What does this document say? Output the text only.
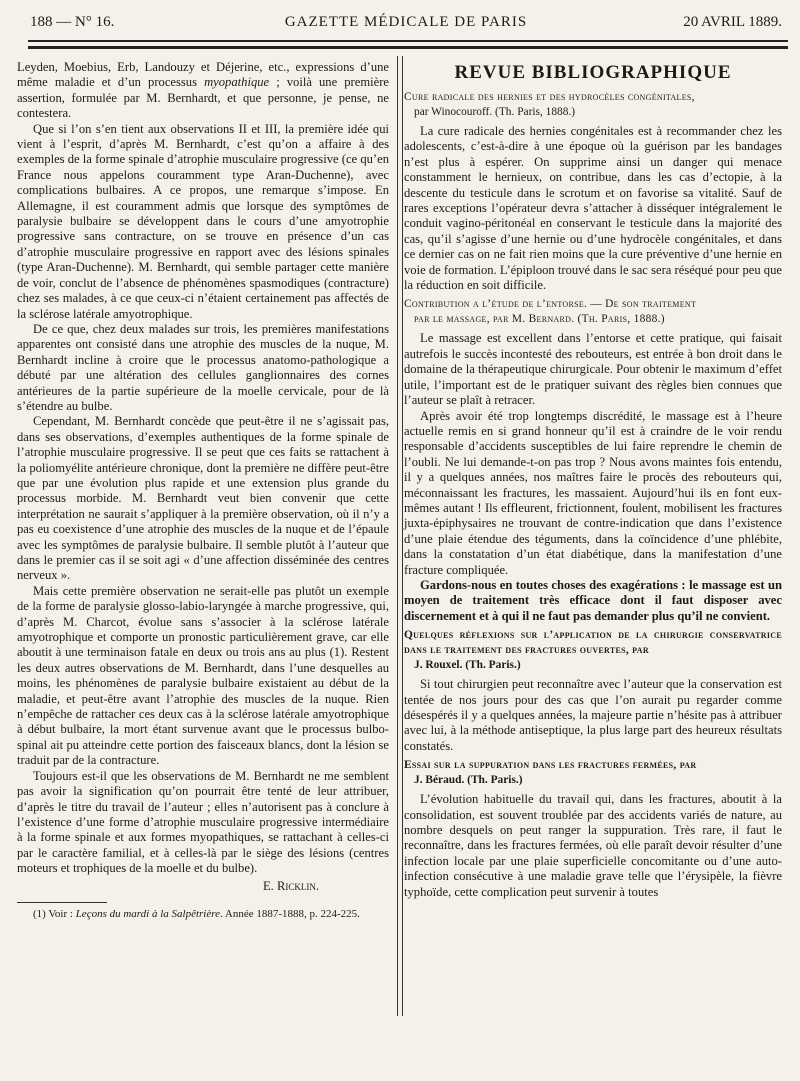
188 — N° 16.	GAZETTE MÉDICALE DE PARIS	20 AVRIL 1889.

Leyden, Moebius, Erb, Landouzy et Déjerine, etc., expressions d’une même maladie et d’un processus myopathique ; voilà une première assertion, formulée par M. Bernhardt, et que personne, je pense, ne contestera.

Que si l’on s’en tient aux observations II et III, la première idée qui vient à l’esprit, d’après M. Bernhardt, c’est qu’on a affaire à des exemples de la forme spinale d’atrophie musculaire progressive (ce qu’en France nous appelons couramment type Aran-Duchenne), avec complications bulbaires. A ce propos, une remarque s’impose. En Allemagne, il est couramment admis que lorsque des symptômes de paralysie bulbaire se développent dans le cours d’une amyotrophie progressive sans contracture, on se trouve en présence d’un cas d’atrophie musculaire progressive en rapport avec des lésions spinales (type Aran-Duchenne). M. Bernhardt, qui semble partager cette manière de voir, conclut de l’absence de phénomènes spasmodiques (contracture) chez ses malades, à ce que ceux-ci n’étaient certainement pas affectés de la sclérose latérale amyotrophique.

De ce que, chez deux malades sur trois, les premières manifestations apparentes ont consisté dans une atrophie des muscles de la nuque, M. Bernhardt incline à croire que le processus anatomo-pathologique a débuté par une altération des cellules ganglionnaires des cornes antérieures de la partie supérieure de la moelle cervicale, pour de là s’étendre au bulbe.

Cependant, M. Bernhardt concède que peut-être il ne s’agissait pas, dans ses observations, d’exemples authentiques de la forme spinale de l’atrophie musculaire progressive. Il se peut que ces faits se rattachent à la poliomyélite antérieure chronique, dont la première ne diffère peut-être que par une évolution plus rapide et une extension plus grande du processus morbide. M. Bernhardt veut bien convenir que cette interprétation ne saurait s’appliquer à la première observation, où il n’y a pas eu coexistence d’une atrophie des muscles de la nuque et de l’épaule avec les symptômes de paralysie bulbaire. Il semble plutôt à l’auteur que dans le premier cas il se soit agi « d’une affection disséminée des centres nerveux ».

Mais cette première observation ne serait-elle pas plutôt un exemple de la forme de paralysie glosso-labio-laryngée à marche progressive, qui, d’après M. Charcot, évolue sans s’associer à la sclérose latérale amyotrophique et comporte un pronostic particulièrement grave, car elle aboutit à une terminaison fatale en deux ou trois ans au plus (1). Restent les deux autres observations de M. Bernhardt, dans l’une desquelles au moins, les phénomènes de paralysie bulbaire existaient au début de la maladie, et peut-être avant l’atrophie des muscles de la nuque. Rien n’empêche de rattacher ces deux cas à la sclérose latérale amyotrophique à début bulbaire, la mort étant survenue avant que le processus bulbo-spinal ait pu atteindre cette portion des faisceaux blancs, dont la lésion se traduit par de la contracture.

Toujours est-il que les observations de M. Bernhardt ne me semblent pas avoir la signification qu’on pourrait être tenté de leur attribuer, d’après le titre du travail de l’auteur ; elles n’autorisent pas à conclure à l’existence d’une forme d’atrophie musculaire progressive intermédiaire à la forme spinale et aux formes myopathiques, se rattachant à celles-ci par le caractère familial, et à celles-là par le siège des lésions (centres moteurs et trophiques de la moelle et du bulbe).

E. Ricklin.
(1) Voir : Leçons du mardi à la Salpêtrière. Année 1887-1888, p. 224-225.
REVUE BIBLIOGRAPHIQUE
Cure radicale des hernies et des hydrocèles congénitales,
par Winocouroff. (Th. Paris, 1888.)

La cure radicale des hernies congénitales est à recommander chez les adolescents, c’est-à-dire à une époque où la guérison par les bandages n’est plus à espérer. On supprime ainsi un danger qui menace constamment le hernieux, on contribue, dans les cas d’ectopie, à la descente du testicule dans le scrotum et on favorise sa vitalité. Sauf de rares exceptions l’opérateur devra s’attacher à disséquer intégralement le conduit vagino-péritonéal en conservant le testicule dans la majorité des cas, qu’il s’agisse d’une hernie ou d’une hydrocèle congénitales, et dans ce dernier cas on ne fait rien moins que la cure préventive d’une hernie en voie de formation. L’épiploon trouvé dans le sac sera réséqué pour peu que la réduction en soit difficile.

Contribution a l’étude de l’entorse. — De son traitement
par le massage, par M. Bernard. (Th. Paris, 1888.)

Le massage est excellent dans l’entorse et cette pratique, qui faisait autrefois le succès incontesté des rebouteurs, est entrée à bon droit dans le domaine de la thérapeutique chirurgicale. Pour obtenir le maximum d’effet utile, l’important est de le pratiquer suivant des règles bien connues que l’auteur se plaît à retracer.

Après avoir été trop longtemps discrédité, le massage est à l’heure actuelle remis en si grand honneur qu’il est à craindre de le voir rendu responsable d’accidents susceptibles de lui faire reprendre le chemin de l’oubli. Ne lui demande-t-on pas trop ? Nous avons maintes fois entendu, il y a quelques années, nos maîtres faire le procès des rebouteurs qui, méconnaissant les fractures, les massaient. Aujourd’hui ils en font eux-mêmes autant ! Ils effleurent, frictionnent, foulent, mobilisent les fractures juxta-épiphysaires ne trouvant de contre-indication que dans l’existence d’une plaie étendue des téguments, dans la coïncidence d’une phlébite, dans la constatation d’un état diabétique, dans la manifestation d’une fracture compliquée.

Gardons-nous en toutes choses des exagérations : le massage est un moyen de traitement très efficace dont il faut disposer avec discernement et à qui il ne faut pas demander plus qu’il ne convient.

Quelques réflexions sur l’application de la chirurgie conservatrice dans le traitement des fractures ouvertes, par
J. Rouxel. (Th. Paris.)

Si tout chirurgien peut reconnaître avec l’auteur que la conservation est tentée de nos jours pour des cas que l’on aurait pu regarder comme désespérés il y a quelques années, la majeure partie n’hésite pas à attribuer avec lui, à la méthode antiseptique, la plus large part des heureux résultats constatés.

Essai sur la suppuration dans les fractures fermées, par
J. Béraud. (Th. Paris.)

L’évolution habituelle du travail qui, dans les fractures, aboutit à la consolidation, est souvent troublée par des accidents variés de nature, au nombre desquels on peut ranger la suppuration. Très rare, il faut le reconnaître, dans les fractures fermées, où elle paraît devoir résulter d’une infection locale par une plaie superficielle concomitante ou d’une auto-infection consécutive à une maladie grave telle que l’érysipèle, la fièvre typhoïde, cette complication peut survenir à toutes
